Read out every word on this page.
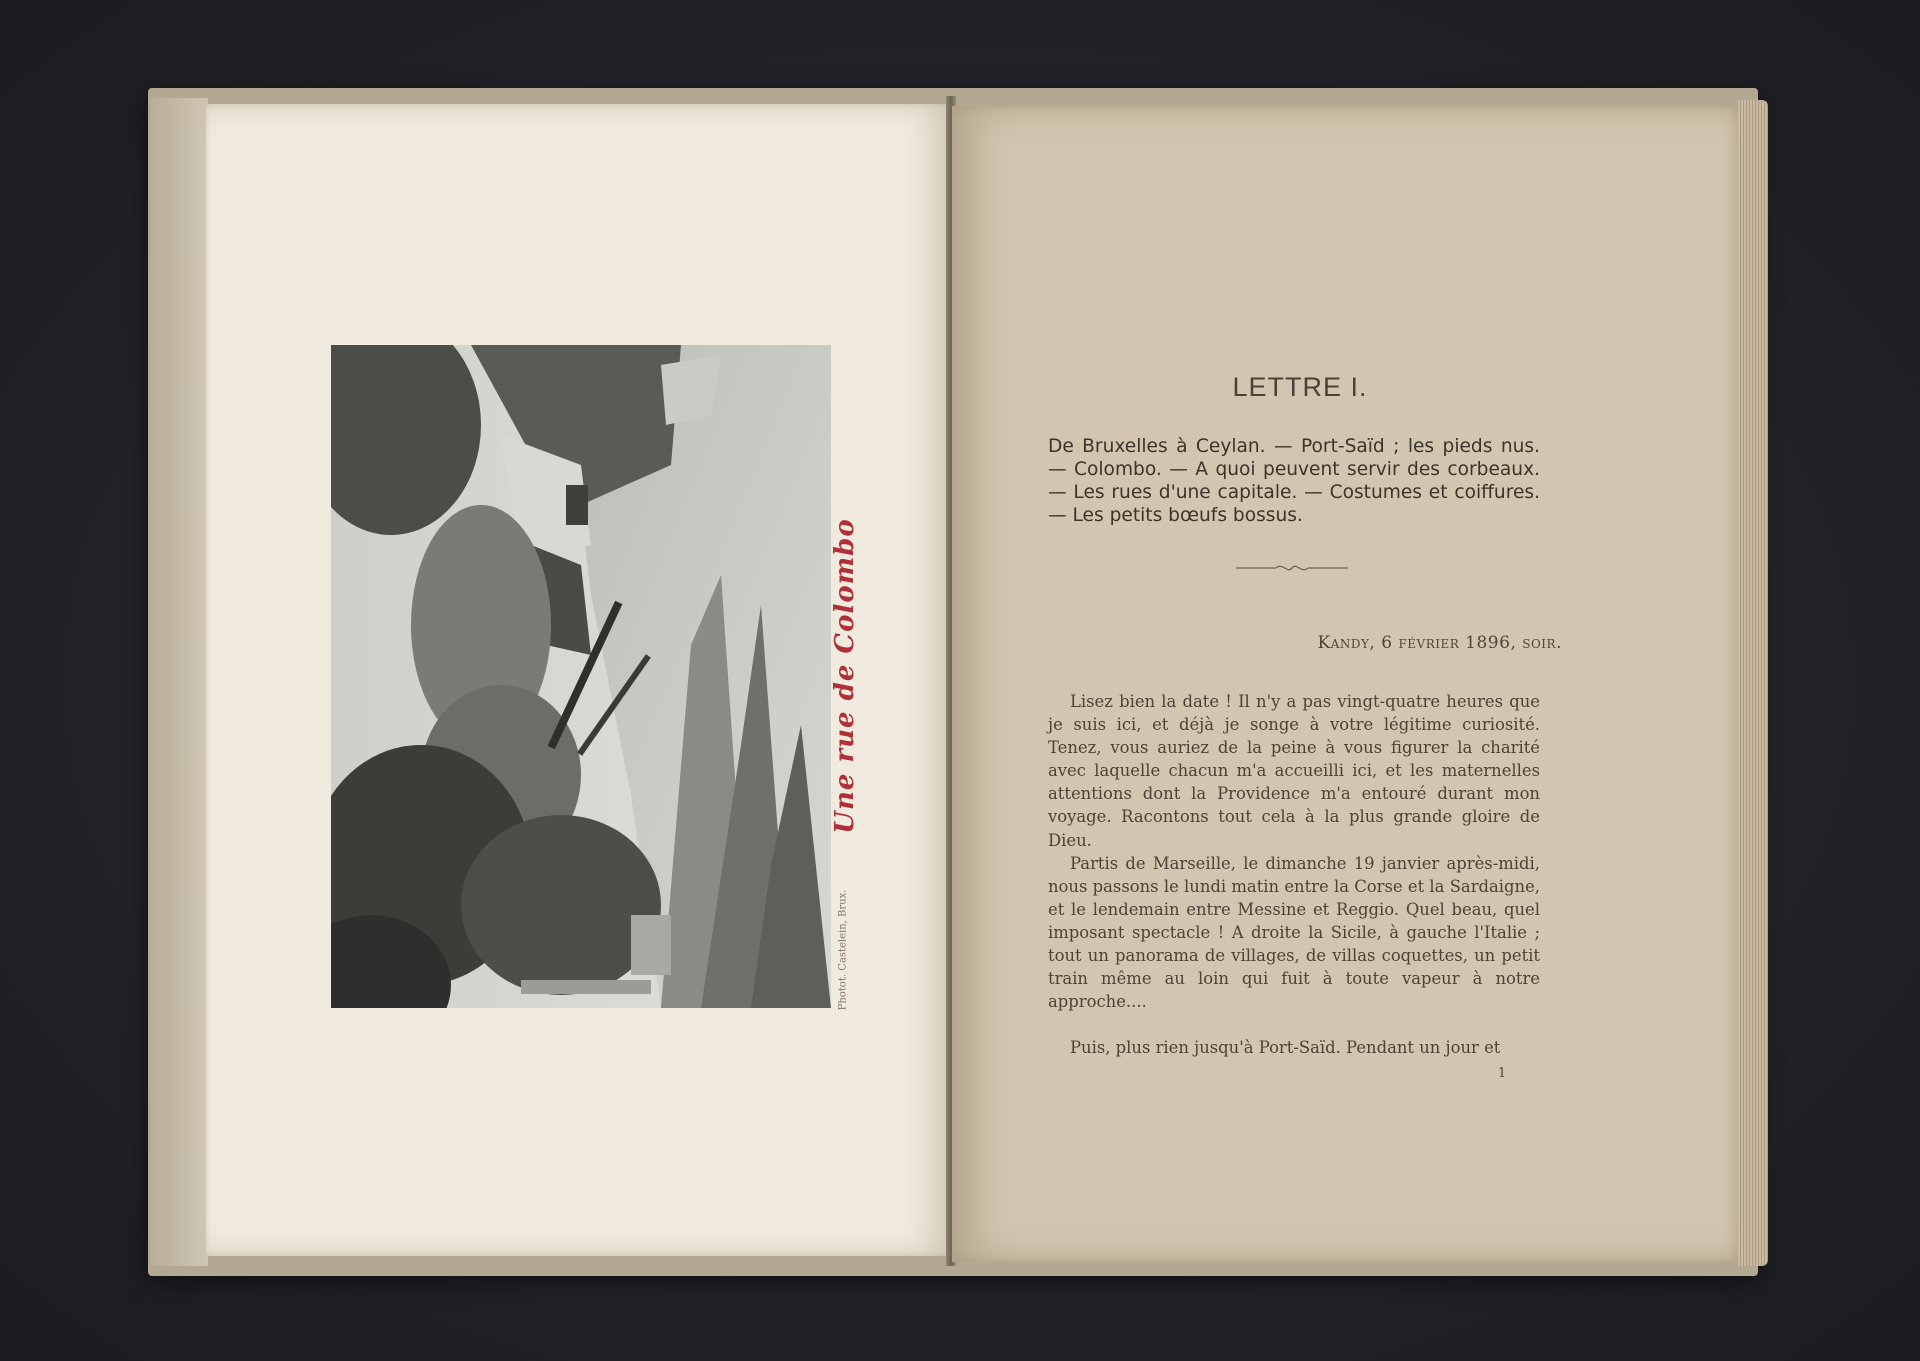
Une rue de Colombo
Photot. Castelein, Brux.
LETTRE I.
De Bruxelles à Ceylan. — Port-Saïd ; les pieds nus. — Colombo. — A quoi peuvent servir des corbeaux. — Les rues d'une capitale. — Costumes et coiffures. — Les petits bœufs bossus.
Kandy, 6 février 1896, soir.

Lisez bien la date ! Il n'y a pas vingt-quatre heures que je suis ici, et déjà je songe à votre légitime curiosité. Tenez, vous auriez de la peine à vous figurer la charité avec laquelle chacun m'a accueilli ici, et les maternelles attentions dont la Providence m'a entouré durant mon voyage. Racontons tout cela à la plus grande gloire de Dieu.

Partis de Marseille, le dimanche 19 janvier après-midi, nous passons le lundi matin entre la Corse et la Sardaigne, et le lendemain entre Messine et Reggio. Quel beau, quel imposant spectacle ! A droite la Sicile, à gauche l'Italie ; tout un panorama de villages, de villas coquettes, un petit train même au loin qui fuit à toute vapeur à notre approche....

Puis, plus rien jusqu'à Port-Saïd. Pendant un jour et

1
